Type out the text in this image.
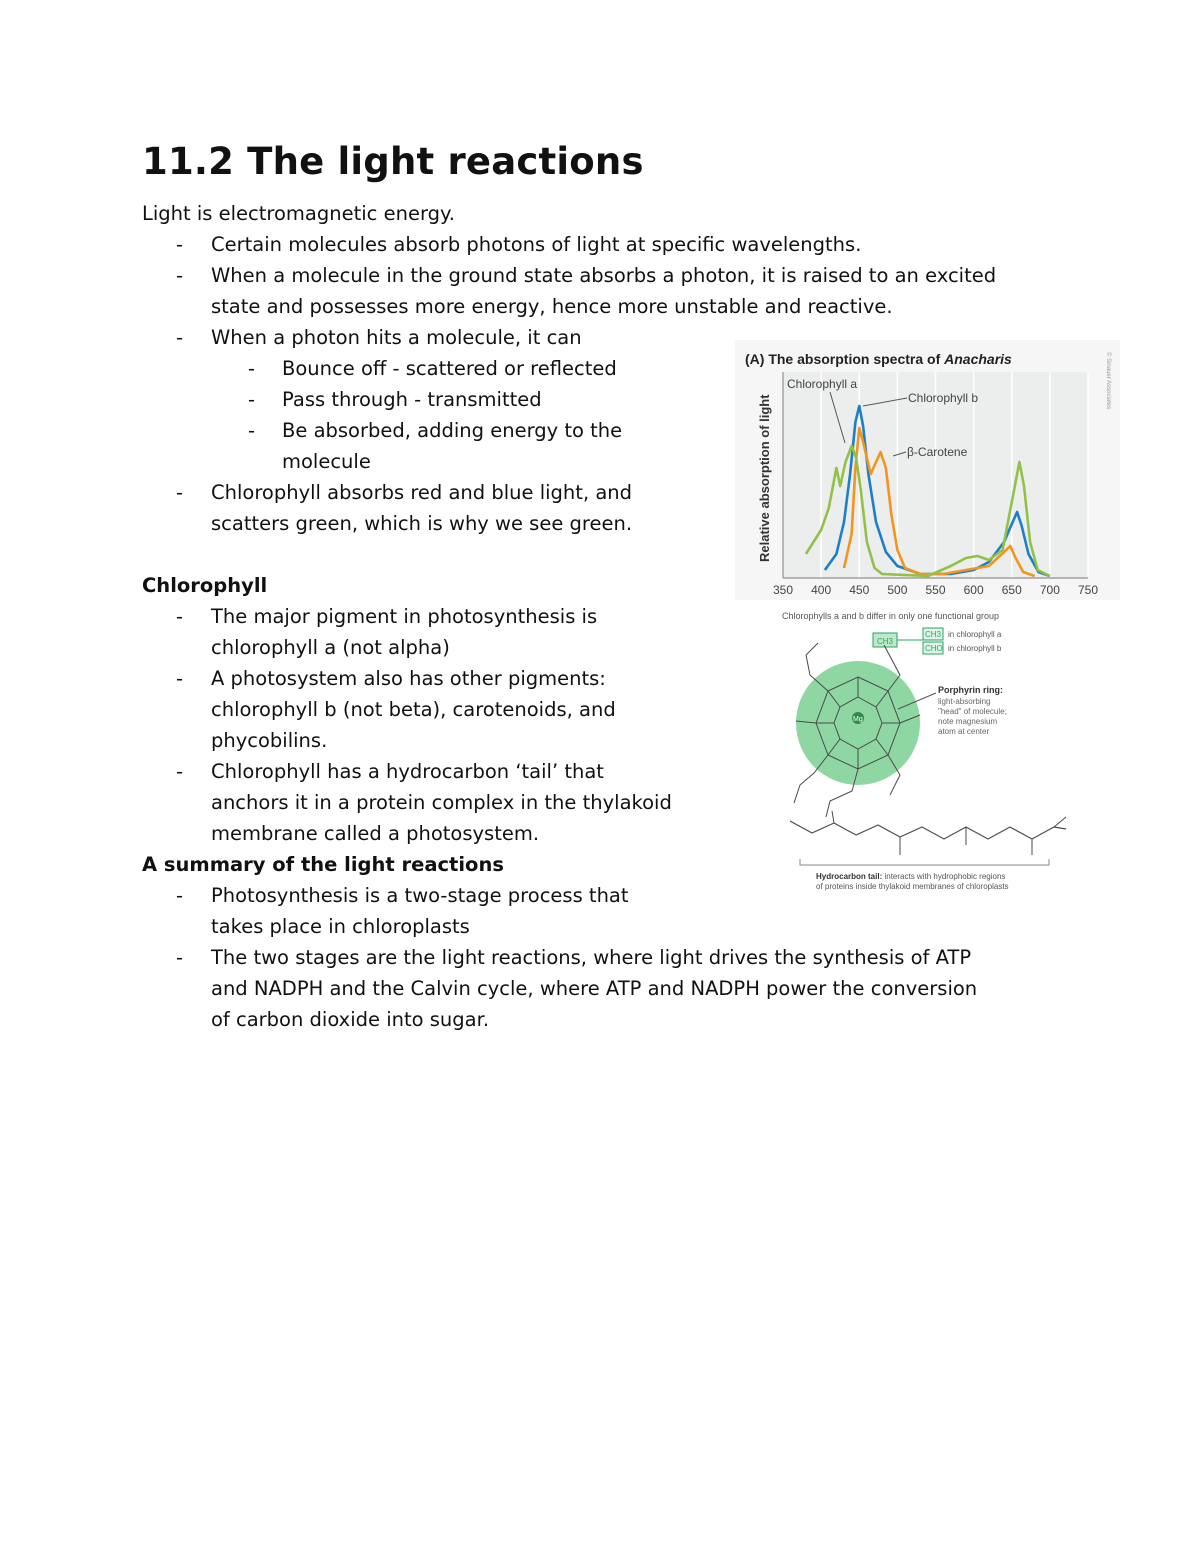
11.2 The light reactions
Light is electromagnetic energy.
- Certain molecules absorb photons of light at specific wavelengths.
- When a molecule in the ground state absorbs a photon, it is raised to an excited
state and possesses more energy, hence more unstable and reactive.
- When a photon hits a molecule, it can
- Bounce off - scattered or reflected
- Pass through - transmitted
- Be absorbed, adding energy to the
molecule
- Chlorophyll absorbs red and blue light, and
scatters green, which is why we see green.
Chlorophyll
- The major pigment in photosynthesis is
chlorophyll a (not alpha)
- A photosystem also has other pigments:
chlorophyll b (not beta), carotenoids, and
phycobilins.
- Chlorophyll has a hydrocarbon ‘tail’ that
anchors it in a protein complex in the thylakoid
membrane called a photosystem.
A summary of the light reactions
- Photosynthesis is a two-stage process that
takes place in chloroplasts
- The two stages are the light reactions, where light drives the synthesis of ATP
and NADPH and the Calvin cycle, where ATP and NADPH power the conversion
of carbon dioxide into sugar.
(A) The absorption spectra of Anacharis
350 400 450 500 550 600 650 700 750
Relative absorption of light
Chlorophyll a
Chlorophyll b
β-Carotene
© Sinauer Associates
Chlorophylls a and b differ in only one functional group
CH3
CH3 in chlorophyll a
CHO in chlorophyll b
Mg
Porphyrin ring:
light-absorbing
"head" of molecule;
note magnesium
atom at center
Hydrocarbon tail: interacts with hydrophobic regions
of proteins inside thylakoid membranes of chloroplasts
